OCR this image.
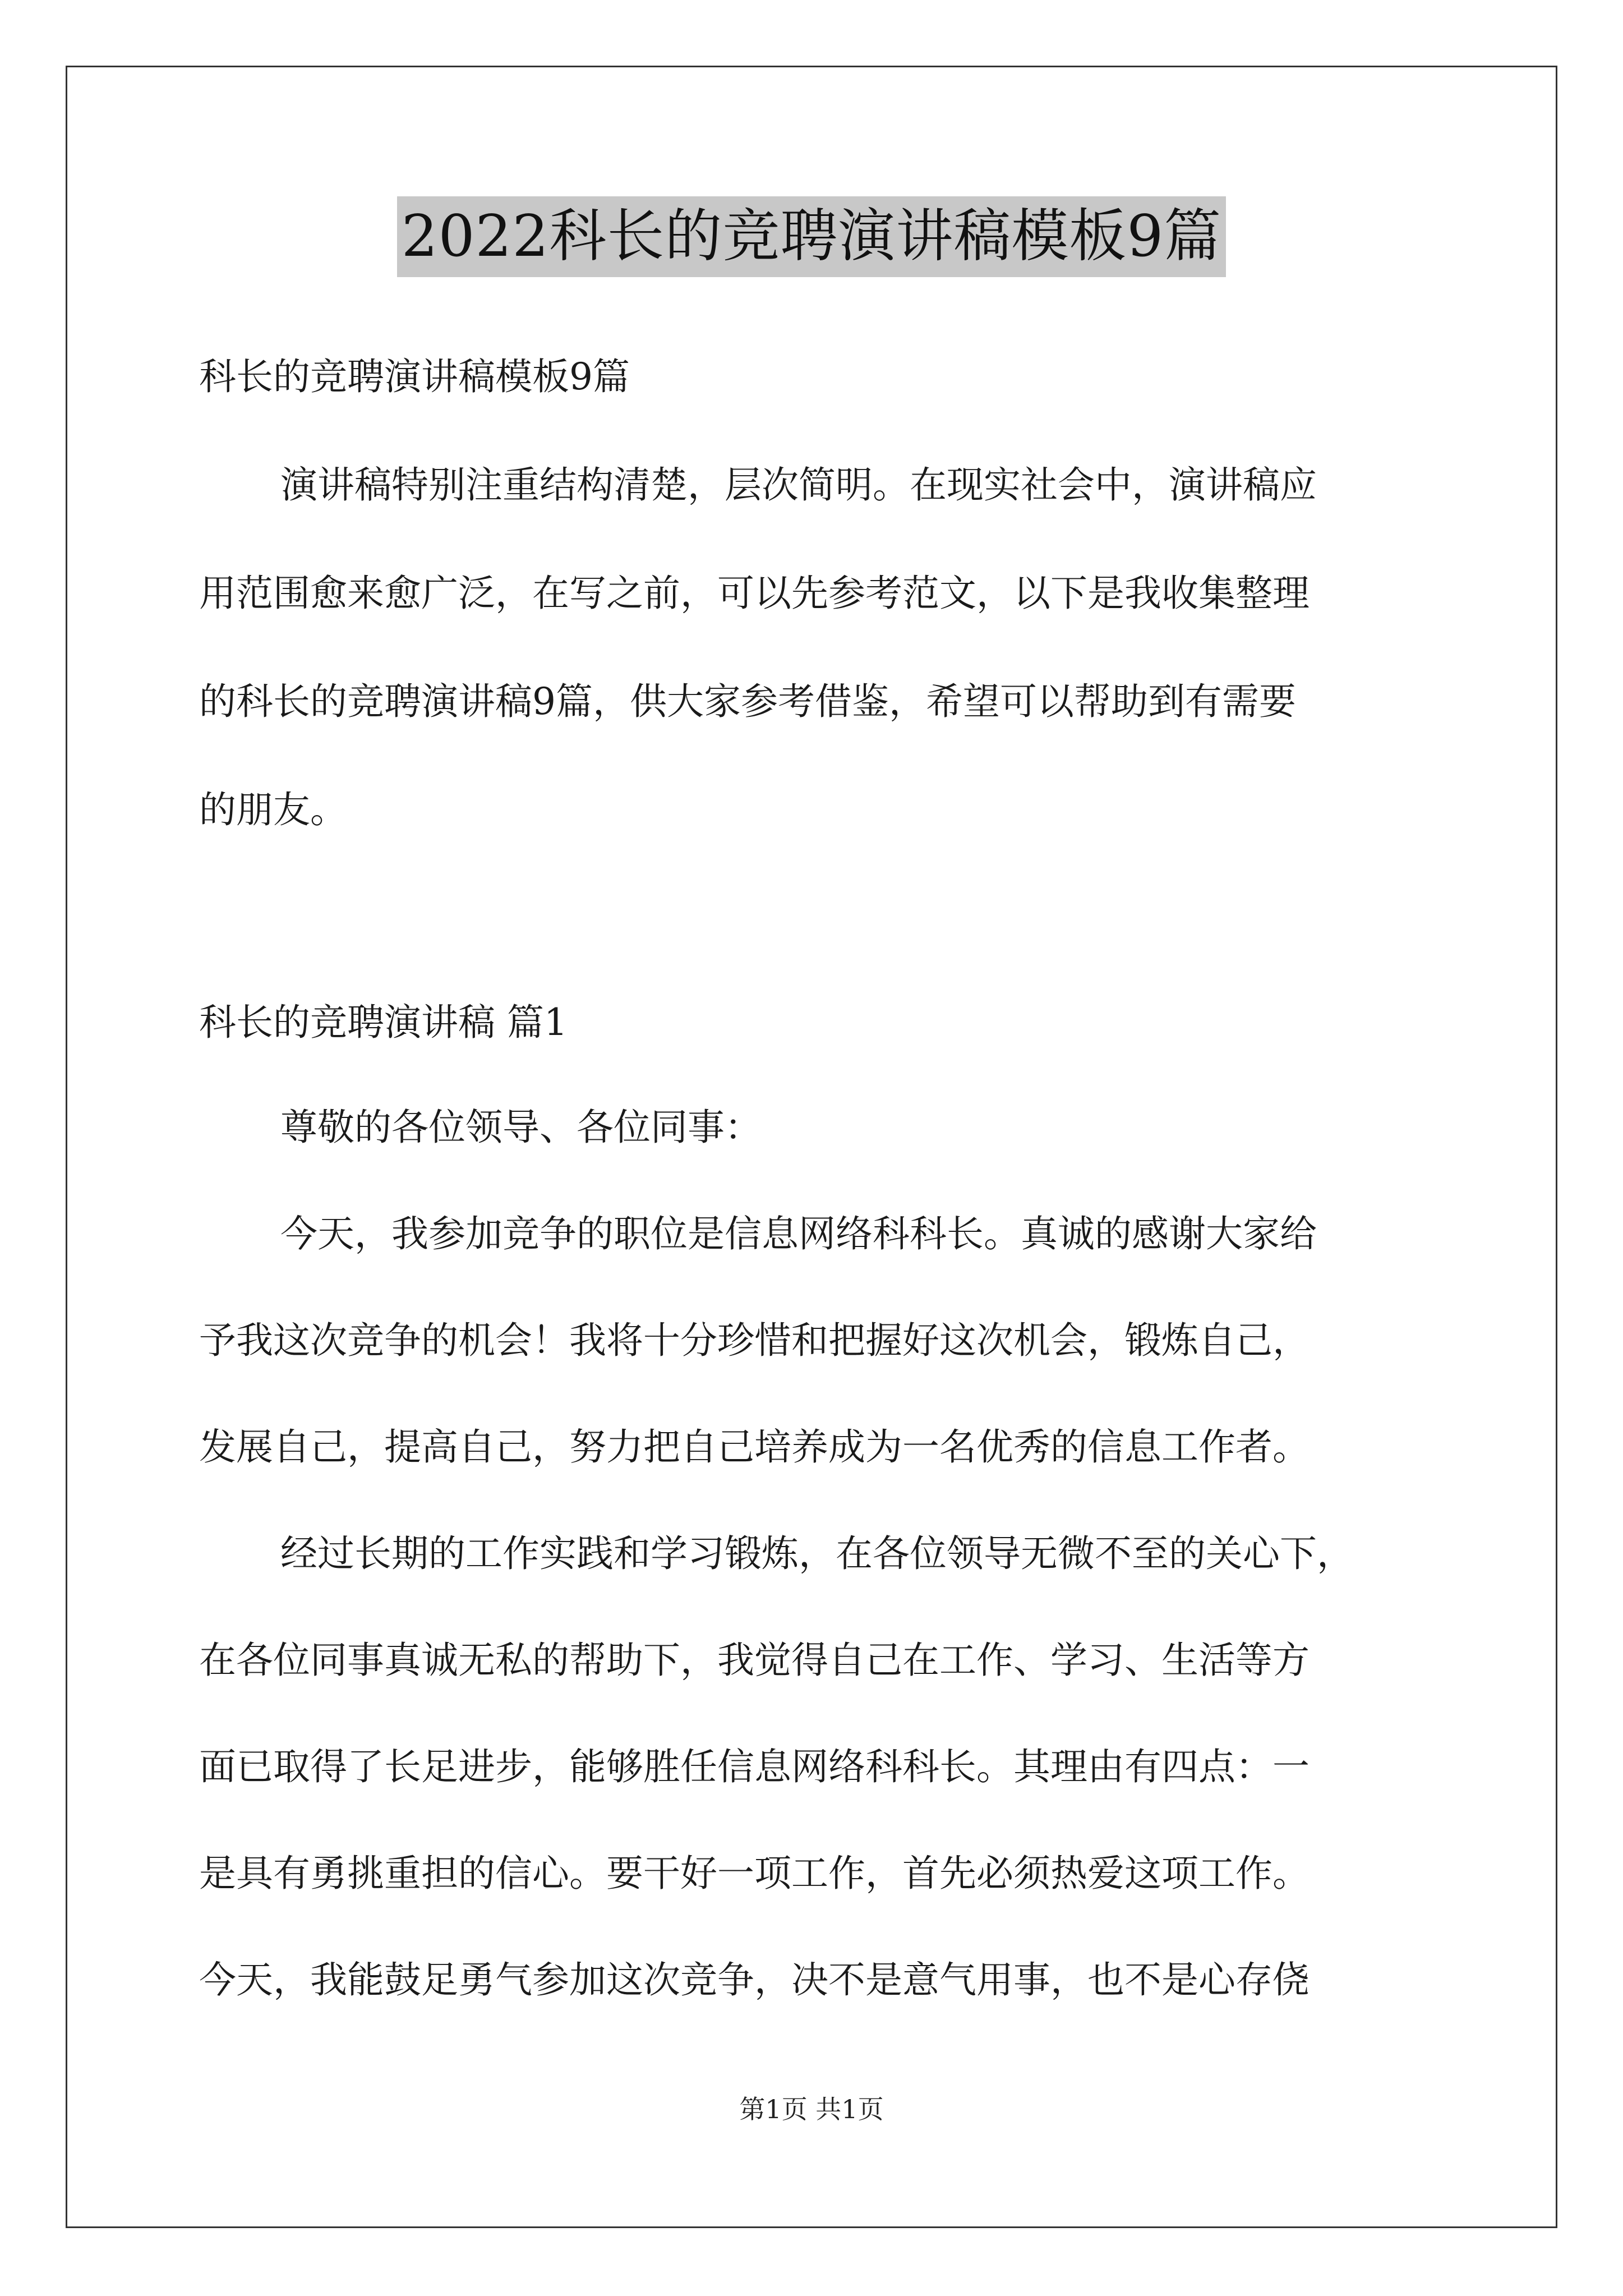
2022科长的竞聘演讲稿模板9篇
科长的竞聘演讲稿模板9篇
演讲稿特别注重结构清楚，层次简明。在现实社会中，演讲稿应
用范围愈来愈广泛，在写之前，可以先参考范文，以下是我收集整理
的科长的竞聘演讲稿9篇，供大家参考借鉴，希望可以帮助到有需要
的朋友。
科长的竞聘演讲稿 篇1
尊敬的各位领导、各位同事：
今天，我参加竞争的职位是信息网络科科长。真诚的感谢大家给
予我这次竞争的机会！我将十分珍惜和把握好这次机会，锻炼自己，
发展自己，提高自己，努力把自己培养成为一名优秀的信息工作者。
经过长期的工作实践和学习锻炼，在各位领导无微不至的关心下，
在各位同事真诚无私的帮助下，我觉得自己在工作、学习、生活等方
面已取得了长足进步，能够胜任信息网络科科长。其理由有四点：一
是具有勇挑重担的信心。要干好一项工作，首先必须热爱这项工作。
今天，我能鼓足勇气参加这次竞争，决不是意气用事，也不是心存侥
第1页 共1页
